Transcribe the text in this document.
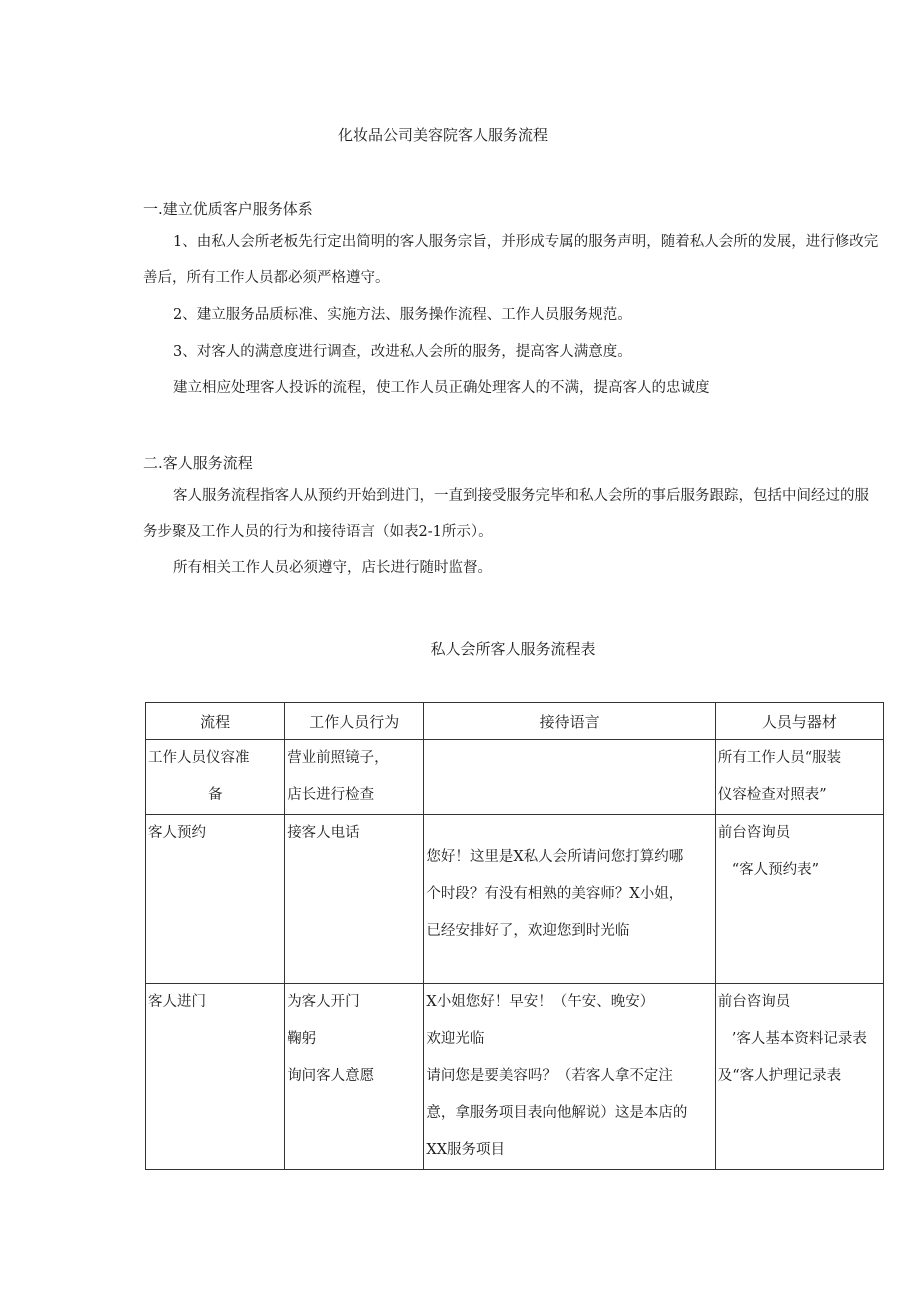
化妆品公司美容院客人服务流程
一.建立优质客户服务体系

1、由私人会所老板先行定出简明的客人服务宗旨，并形成专属的服务声明，随着私人会所的发展，进行修改完善后，所有工作人员都必须严格遵守。

2、建立服务品质标准、实施方法、服务操作流程、工作人员服务规范。

3、对客人的满意度进行调查，改进私人会所的服务，提高客人满意度。

建立相应处理客人投诉的流程，使工作人员正确处理客人的不满，提高客人的忠诚度

二.客人服务流程

客人服务流程指客人从预约开始到进门，一直到接受服务完毕和私人会所的事后服务跟踪，包括中间经过的服务步聚及工作人员的行为和接待语言（如表2-1所示）。

所有相关工作人员必须遵守，店长进行随时监督。

私人会所客人服务流程表
流程	工作人员行为	接待语言	人员与器材

工作人员仪容准
备	营业前照镜子，
店长进行检查		所有工作人员“服装
仪容检查对照表”

客人预约	接客人电话	您好！这里是X私人会所请问您打算约哪
个时段？有没有相熟的美容师？X小姐，
已经安排好了，欢迎您到时光临	前台咨询员
“客人预约表”

客人进门	为客人开门
鞠躬
询问客人意愿	X小姐您好！早安！（午安、晚安）
欢迎光临
请问您是要美容吗？（若客人拿不定注
意，拿服务项目表向他解说）这是本店的
XX服务项目	前台咨询员
’客人基本资料记录表
及“客人护理记录表
